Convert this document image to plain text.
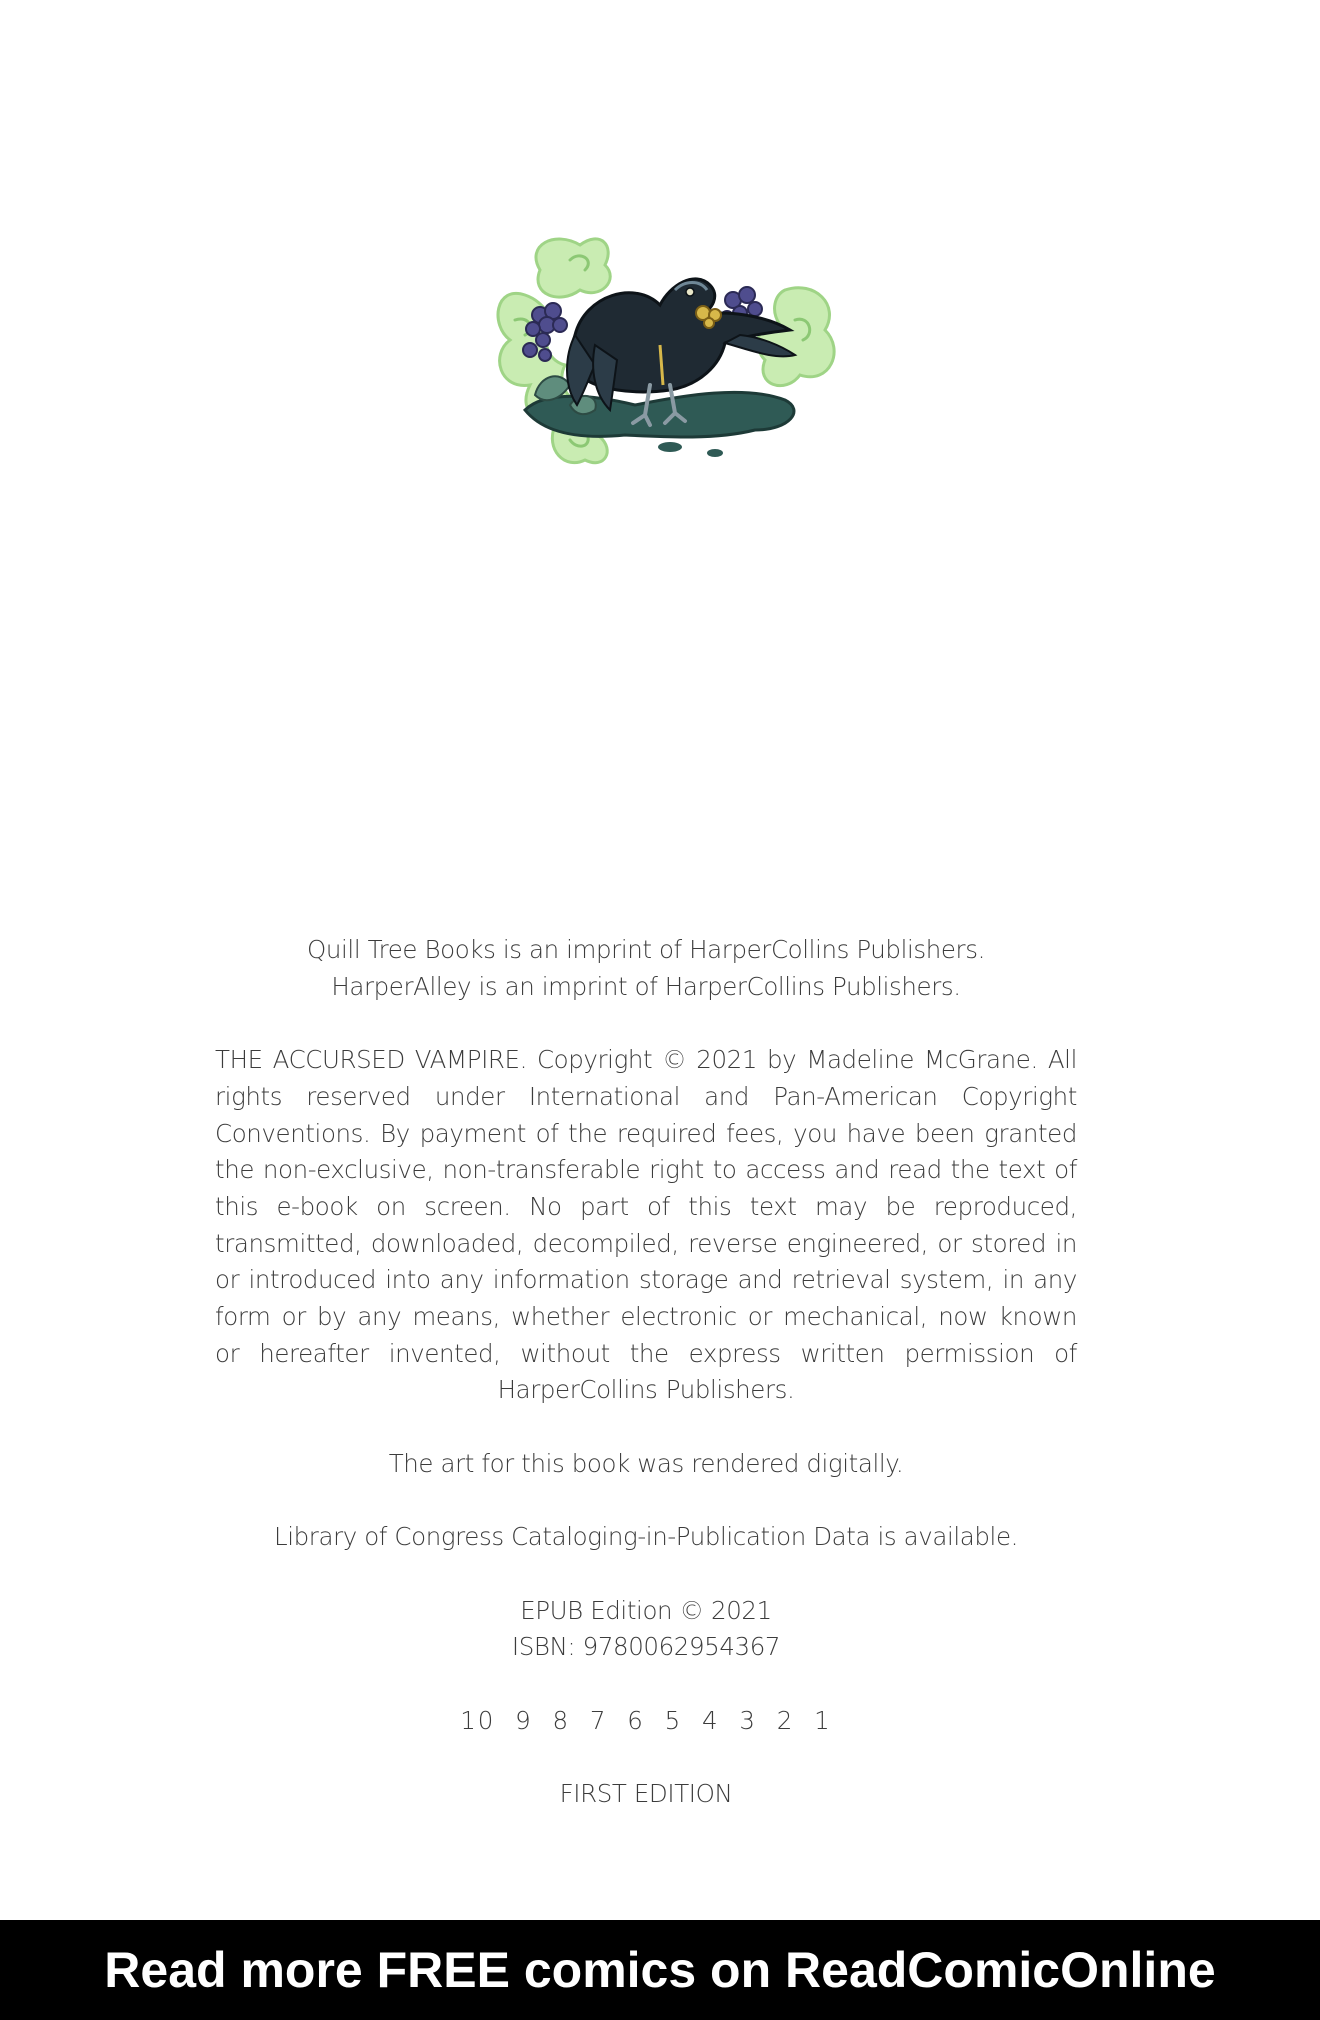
Quill Tree Books is an imprint of HarperCollins Publishers.

HarperAlley is an imprint of HarperCollins Publishers.

THE ACCURSED VAMPIRE. Copyright © 2021 by Madeline McGrane. All rights reserved under International and Pan-American Copyright Conventions. By payment of the required fees, you have been granted the non-exclusive, non-transferable right to access and read the text of this e-book on screen. No part of this text may be reproduced, transmitted, downloaded, decompiled, reverse engineered, or stored in or introduced into any information storage and retrieval system, in any form or by any means, whether electronic or mechanical, now known or hereafter invented, without the express written permission of HarperCollins Publishers.

The art for this book was rendered digitally.

Library of Congress Cataloging-in-Publication Data is available.

EPUB Edition © 2021

ISBN: 9780062954367

10 9 8 7 6 5 4 3 2 1

FIRST EDITION

Read more FREE comics on ReadComicOnline
